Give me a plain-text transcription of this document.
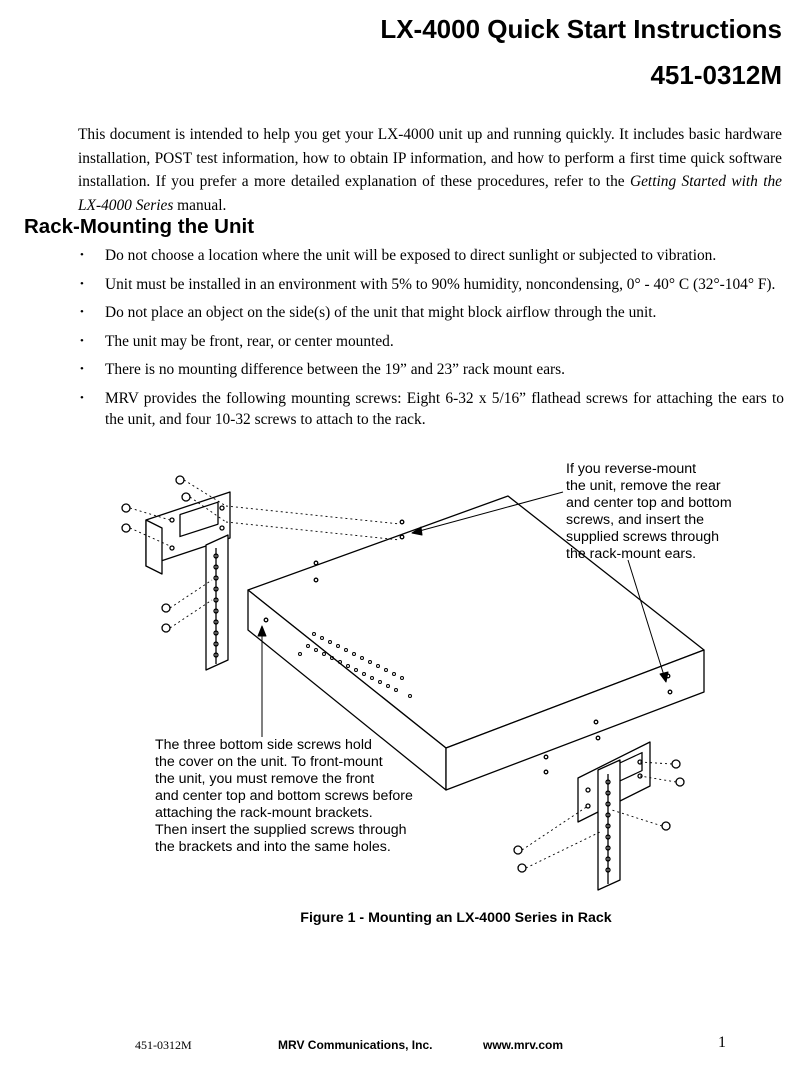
LX-4000 Quick Start Instructions
451-0312M

This document is intended to help you get your LX-4000 unit up and running quickly. It includes basic hardware installation, POST test information, how to obtain IP information, and how to perform a first time quick software installation. If you prefer a more detailed explanation of these procedures, refer to the Getting Started with the LX-4000 Series manual.

Rack-Mounting the Unit
• Do not choose a location where the unit will be exposed to direct sunlight or subjected to vibration.
• Unit must be installed in an environment with 5% to 90% humidity, noncondensing, 0° - 40° C (32°-104° F).
• Do not place an object on the side(s) of the unit that might block airflow through the unit.
• The unit may be front, rear, or center mounted.
• There is no mounting difference between the 19” and 23” rack mount ears.
• MRV provides the following mounting screws: Eight 6-32 x 5/16” flathead screws for attaching the ears to the unit, and four 10-32 screws to attach to the rack.

If you reverse-mount
the unit, remove the rear
and center top and bottom
screws, and insert the
supplied screws through
the rack-mount ears.

The three bottom side screws hold
the cover on the unit. To front-mount
the unit, you must remove the front
and center top and bottom screws before
attaching the rack-mount brackets.
Then insert the supplied screws through
the brackets and into the same holes.

Figure 1 - Mounting an LX-4000 Series in Rack

451-0312M	MRV Communications, Inc.	www.mrv.com	1
